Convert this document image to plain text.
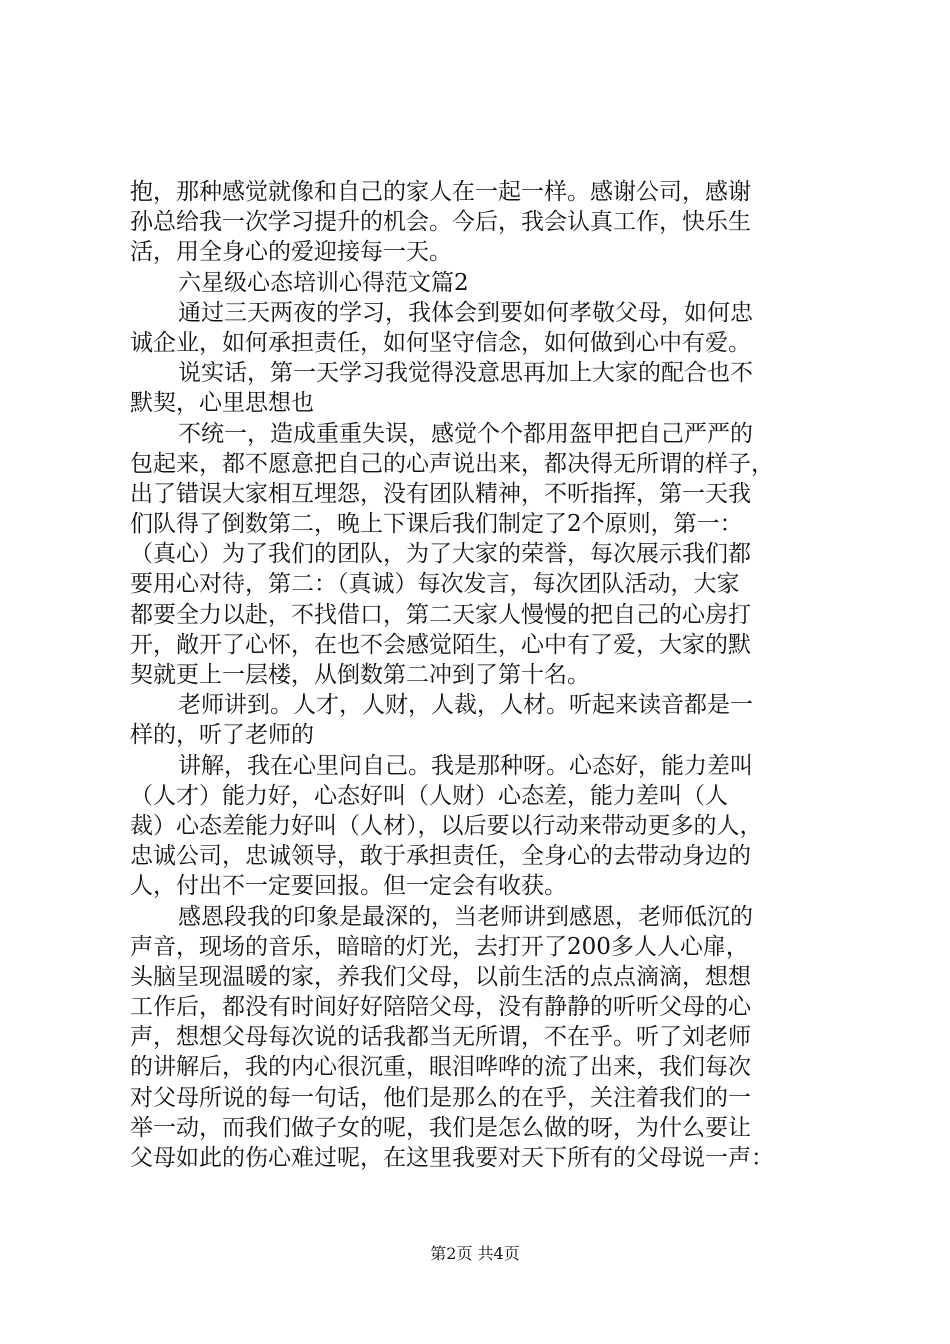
抱，那种感觉就像和自己的家人在一起一样。感谢公司，感谢
孙总给我一次学习提升的机会。今后，我会认真工作，快乐生
活，用全身心的爱迎接每一天。
六星级心态培训心得范文篇2
通过三天两夜的学习，我体会到要如何孝敬父母，如何忠
诚企业，如何承担责任，如何坚守信念，如何做到心中有爱。
说实话，第一天学习我觉得没意思再加上大家的配合也不
默契，心里思想也
不统一，造成重重失误，感觉个个都用盔甲把自己严严的
包起来，都不愿意把自己的心声说出来，都决得无所谓的样子，
出了错误大家相互埋怨，没有团队精神，不听指挥，第一天我
们队得了倒数第二，晚上下课后我们制定了2个原则，第一：
（真心）为了我们的团队，为了大家的荣誉，每次展示我们都
要用心对待，第二：（真诚）每次发言，每次团队活动，大家
都要全力以赴，不找借口，第二天家人慢慢的把自己的心房打
开，敞开了心怀，在也不会感觉陌生，心中有了爱，大家的默
契就更上一层楼，从倒数第二冲到了第十名。
老师讲到。人才，人财，人裁，人材。听起来读音都是一
样的，听了老师的
讲解，我在心里问自己。我是那种呀。心态好，能力差叫
（人才）能力好，心态好叫（人财）心态差，能力差叫（人
裁）心态差能力好叫（人材），以后要以行动来带动更多的人，
忠诚公司，忠诚领导，敢于承担责任，全身心的去带动身边的
人，付出不一定要回报。但一定会有收获。
感恩段我的印象是最深的，当老师讲到感恩，老师低沉的
声音，现场的音乐，暗暗的灯光，去打开了200多人人心扉，
头脑呈现温暖的家，养我们父母，以前生活的点点滴滴，想想
工作后，都没有时间好好陪陪父母，没有静静的听听父母的心
声，想想父母每次说的话我都当无所谓，不在乎。听了刘老师
的讲解后，我的内心很沉重，眼泪哗哗的流了出来，我们每次
对父母所说的每一句话，他们是那么的在乎，关注着我们的一
举一动，而我们做子女的呢，我们是怎么做的呀，为什么要让
父母如此的伤心难过呢，在这里我要对天下所有的父母说一声：
第2页 共4页
